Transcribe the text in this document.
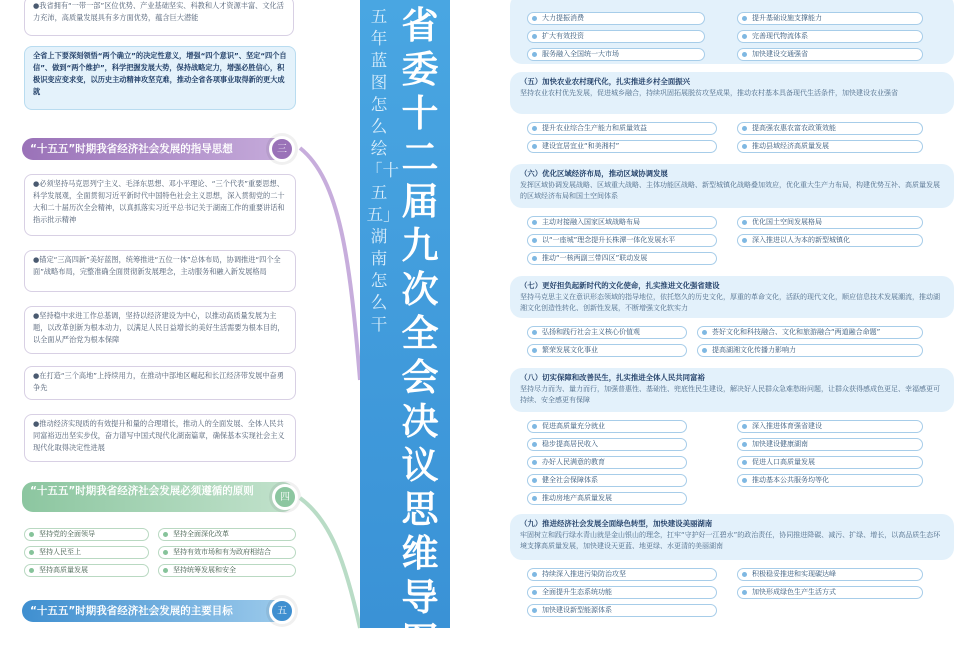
●我省拥有“一带一部”区位优势、产业基础坚实、科教和人才资源丰富、文化活力充沛，高质量发展具有多方面优势，蕴含巨大潜能
全省上下要深刻领悟“两个确立”的决定性意义，增强“四个意识”、坚定“四个自信”、做到“两个维护”，科学把握发展大势，保持战略定力，增强必胜信心，积极识变应变求变，以历史主动精神攻坚克难，推动全省各项事业取得新的更大成就
“十五五”时期我省经济社会发展的指导思想	三
●必须坚持马克思列宁主义、毛泽东思想、邓小平理论、“三个代表”重要思想、科学发展观，全面贯彻习近平新时代中国特色社会主义思想，深入贯彻党的二十大和二十届历次全会精神，以真抓落实习近平总书记关于湖南工作的重要讲话和指示批示精神
●锚定“三高四新”美好蓝图，统筹推进“五位一体”总体布局，协调推进“四个全面”战略布局，完整准确全面贯彻新发展理念，主动服务和融入新发展格局
●坚持稳中求进工作总基调，坚持以经济建设为中心，以推动高质量发展为主题，以改革创新为根本动力，以满足人民日益增长的美好生活需要为根本目的，以全面从严治党为根本保障
●在打造“三个高地”上持续用力，在推动中部地区崛起和长江经济带发展中奋勇争先
●推动经济实现质的有效提升和量的合理增长，推动人的全面发展、全体人民共同富裕迈出坚实步伐，奋力谱写中国式现代化湖南篇章，确保基本实现社会主义现代化取得决定性进展
“十五五”时期我省经济社会发展必须遵循的原则
四
坚持党的全面领导	坚持全面深化改革
坚持人民至上	坚持有效市场和有为政府相结合
坚持高质量发展	坚持统筹发展和安全
“十五五”时期我省经济社会发展的主要目标	五
五年蓝图怎么绘「十五五」湖南怎么干
省委十二届九次全会决议思维导图
大力提振消费	提升基础设施支撑能力
扩大有效投资	完善现代物流体系
服务融入全国统一大市场	加快建设交通强省
（五）加快农业农村现代化，扎实推进乡村全面振兴
坚持农业农村优先发展，促进城乡融合，持续巩固拓展脱贫攻坚成果，推动农村基本具备现代生活条件，加快建设农业强省
提升农业综合生产能力和质量效益	提高强农惠农富农政策效能
建设宜居宜业“和美湘村”	推动县域经济高质量发展
（六）优化区域经济布局，推动区域协调发展
发挥区域协调发展战略、区域重大战略、主体功能区战略、新型城镇化战略叠加效应，优化重大生产力布局，构建优势互补、高质量发展的区域经济布局和国土空间体系
主动对接融入国家区域战略布局	优化国土空间发展格局
以“一座城”理念提升长株潭一体化发展水平	深入推进以人为本的新型城镇化
推动“一核两副三带四区”联动发展
（七）更好担负起新时代的文化使命，扎实推进文化强省建设
坚持马克思主义在意识形态领域的指导地位，依托悠久的历史文化，厚重的革命文化，活跃的现代文化，顺应信息技术发展潮流，推动湖湘文化创造性转化、创新性发展，不断增强文化软实力
弘扬和践行社会主义核心价值观	荟好文化和科技融合、文化和旅游融合“两道融合命题”
繁荣发展文化事业	提高湖湘文化传播力影响力
（八）切实保障和改善民生，扎实推进全体人民共同富裕
坚持尽力而为、量力而行，加强普惠性、基础性、兜底性民生建设，解决好人民群众急难愁盼问题，让群众获得感成色更足、幸福感更可持续、安全感更有保障
促进高质量充分就业	深入推进体育强省建设
稳步提高居民收入	加快建设健康湖南
办好人民满意的教育	促进人口高质量发展
健全社会保障体系	推动基本公共服务均等化
推动房地产高质量发展
（九）推进经济社会发展全面绿色转型，加快建设美丽湖南
牢固树立和践行绿水青山就是金山银山的理念，扛牢“守护好一江碧水”的政治责任，协同推进降碳、减污、扩绿、增长，以高品质生态环境支撑高质量发展，加快建设天更蓝、地更绿、水更清的美丽湖南
持续深入推进污染防治攻坚	积极稳妥推进和实现碳达峰
全面提升生态系统功能	加快形成绿色生产生活方式
加快建设新型能源体系
